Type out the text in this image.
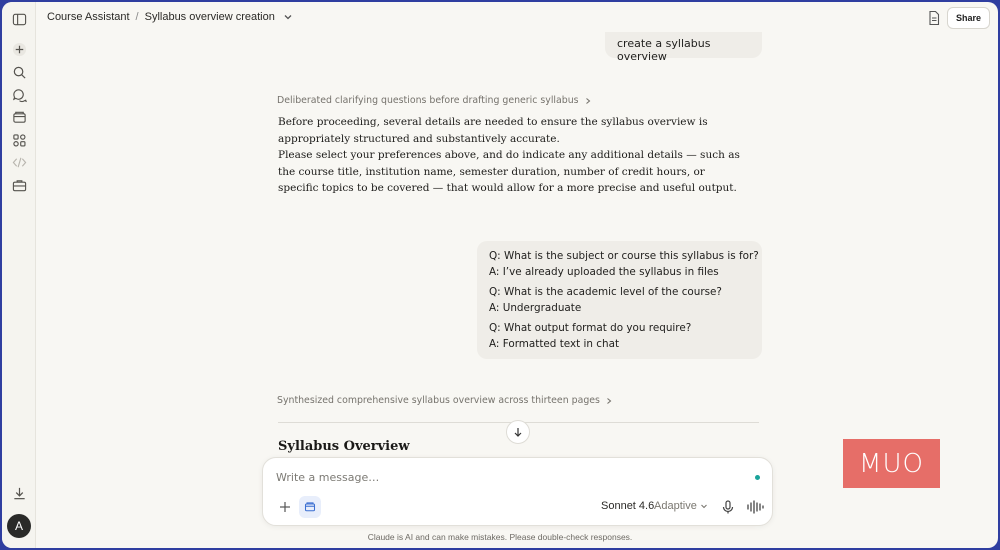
A
Course Assistant / Syllabus overview creation	Share
create a syllabus overview
Deliberated clarifying questions before drafting generic syllabus

Before proceeding, several details are needed to ensure the syllabus overview is appropriately structured and substantively accurate.

Please select your preferences above, and do indicate any additional details — such as the course title, institution name, semester duration, number of credit hours, or specific topics to be covered — that would allow for a more precise and useful output.

Q: What is the subject or course this syllabus is for?
A: I’ve already uploaded the syllabus in files
Q: What is the academic level of the course?
A: Undergraduate
Q: What output format do you require?
A: Formatted text in chat
Synthesized comprehensive syllabus overview across thirteen pages
Syllabus Overview
Write a message…
Sonnet 4.6 Adaptive
Claude is AI and can make mistakes. Please double-check responses.
MUO
